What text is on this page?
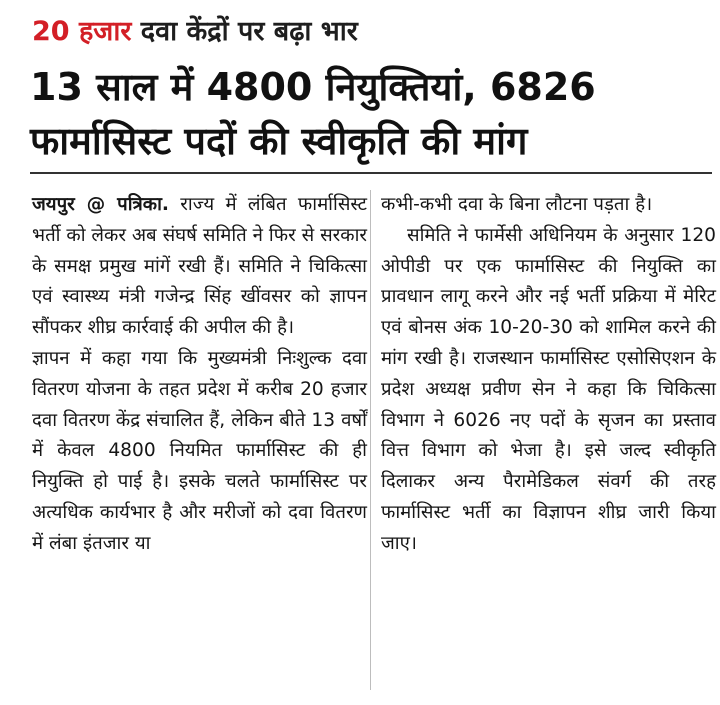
20 हजार दवा केंद्रों पर बढ़ा भार
13 साल में 4800 नियुक्तियां, 6826
फार्मासिस्ट पदों की स्वीकृति की मांग

जयपुर @ पत्रिका. राज्य में लंबित फार्मासिस्ट भर्ती को लेकर अब संघर्ष समिति ने फिर से सरकार के समक्ष प्रमुख मांगें रखी हैं। समिति ने चिकित्सा एवं स्वास्थ्य मंत्री गजेन्द्र सिंह खींवसर को ज्ञापन सौंपकर शीघ्र कार्रवाई की अपील की है।

ज्ञापन में कहा गया कि मुख्यमंत्री निःशुल्क दवा वितरण योजना के तहत प्रदेश में करीब 20 हजार दवा वितरण केंद्र संचालित हैं, लेकिन बीते 13 वर्षों में केवल 4800 नियमित फार्मासिस्ट की ही नियुक्ति हो पाई है। इसके चलते फार्मासिस्ट पर अत्यधिक कार्यभार है और मरीजों को दवा वितरण में लंबा इंतजार या

कभी-कभी दवा के बिना लौटना पड़ता है।

समिति ने फार्मेसी अधिनियम के अनुसार 120 ओपीडी पर एक फार्मासिस्ट की नियुक्ति का प्रावधान लागू करने और नई भर्ती प्रक्रिया में मेरिट एवं बोनस अंक 10-20-30 को शामिल करने की मांग रखी है। राजस्थान फार्मासिस्ट एसोसिएशन के प्रदेश अध्यक्ष प्रवीण सेन ने कहा कि चिकित्सा विभाग ने 6026 नए पदों के सृजन का प्रस्ताव वित्त विभाग को भेजा है। इसे जल्द स्वीकृति दिलाकर अन्य पैरामेडिकल संवर्ग की तरह फार्मासिस्ट भर्ती का विज्ञापन शीघ्र जारी किया जाए।
